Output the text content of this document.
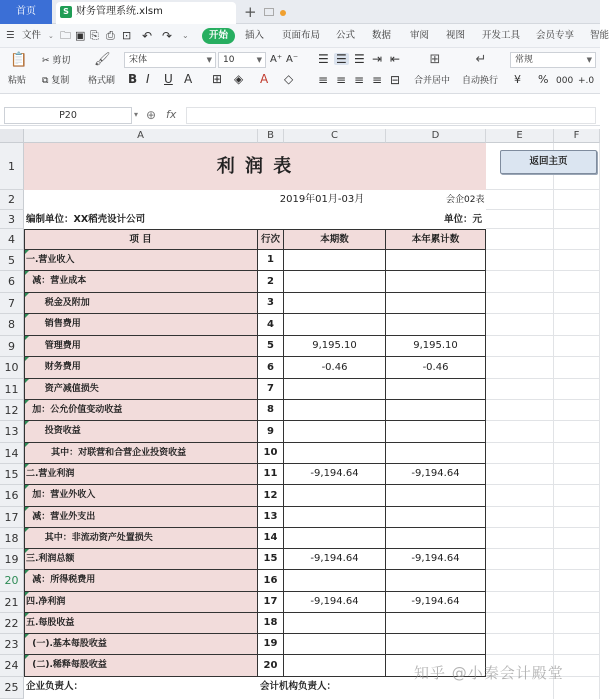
首页	S 财务管理系统.xlsm	+
☰ 文件 ⌄ 🗀 ▣ ⎘ ⎙ ⊡ ↶ ↷ ⌄	开始	插入 页面布局 公式 数据 审阅 视图 开发工具 会员专享 智能
📋
粘贴
✂ 剪切
⧉ 复制
🖌
格式刷
宋体	▼	10	▼ A⁺ A⁻
B I U A ⊞ ◈ A ◇
☰ ☰ ☰ ⇥ ⇤
≡ ≡ ≡ ≡ ⊟
⊞
合并居中
↵
自动换行
常规	▼
¥ % 000 +.0
P20	▾ ⊕ fx
A	B	C	D	E	F
1
2
3
4
5
6
7
8
9
10
11
12
13
14
15
16
17
18
19
20
21
22
23
24
25
利 润 表
2019年01月-03月	会企02表
编制单位：XX稻壳设计公司	单位：元
项 目	行次	本期数	本年累计数
一.营业收入	1
减：营业成本	2
税金及附加	3
销售费用	4
管理费用	5	9,195.10	9,195.10
财务费用	6	-0.46	-0.46
资产减值损失	7
加：公允价值变动收益	8
投资收益	9
其中：对联营和合营企业投资收益	10
二.营业利润	11	-9,194.64	-9,194.64
加：营业外收入	12
减：营业外支出	13
其中：非流动资产处置损失	14
三.利润总额	15	-9,194.64	-9,194.64
减：所得税费用	16
四.净利润	17	-9,194.64	-9,194.64
五.每股收益	18
(一).基本每股收益	19
(二).稀释每股收益	20
企业负责人：	会计机构负责人：
返回主页
知乎 @小秦会计殿堂
